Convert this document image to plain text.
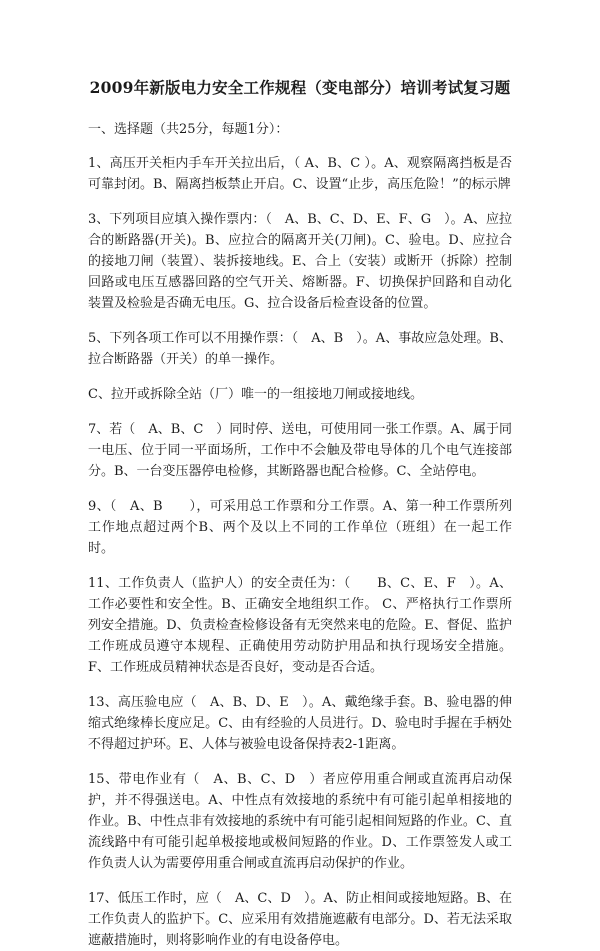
2009年新版电力安全工作规程（变电部分）培训考试复习题

一、选择题（共25分，每题1分）：

1、高压开关柜内手车开关拉出后，（ A、B、C ）。A、观察隔离挡板是否可靠封闭。B、隔离挡板禁止开启。C、设置“止步，高压危险！”的标示牌

3、下列项目应填入操作票内：（　A、B、C、D、E、F、G　）。A、应拉合的断路器(开关)。B、应拉合的隔离开关(刀闸)。C、验电。D、应拉合的接地刀闸（装置）、装拆接地线。E、合上（安装）或断开（拆除）控制回路或电压互感器回路的空气开关、熔断器。F、切换保护回路和自动化装置及检验是否确无电压。G、拉合设备后检查设备的位置。

5、下列各项工作可以不用操作票：（　A、B　）。A、事故应急处理。B、拉合断路器（开关）的单一操作。

C、拉开或拆除全站（厂）唯一的一组接地刀闸或接地线。

7、若（　A、B、C　）同时停、送电，可使用同一张工作票。A、属于同一电压、位于同一平面场所，工作中不会触及带电导体的几个电气连接部分。B、一台变压器停电检修，其断路器也配合检修。C、全站停电。

9、（　A、B　　），可采用总工作票和分工作票。A、第一种工作票所列工作地点超过两个B、两个及以上不同的工作单位（班组）在一起工作时。

11、工作负责人（监护人）的安全责任为：（　　B、C、E、F　）。A、工作必要性和安全性。B、正确安全地组织工作。 C、严格执行工作票所列安全措施。D、负责检查检修设备有无突然来电的危险。E、督促、监护工作班成员遵守本规程、正确使用劳动防护用品和执行现场安全措施。F、工作班成员精神状态是否良好，变动是否合适。

13、高压验电应（　A、B、D、E　）。A、戴绝缘手套。B、验电器的伸缩式绝缘棒长度应足。C、由有经验的人员进行。D、验电时手握在手柄处不得超过护环。E、人体与被验电设备保持表2-1距离。

15、带电作业有（　A、B、C、D　）者应停用重合闸或直流再启动保护，并不得强送电。A、中性点有效接地的系统中有可能引起单相接地的作业。B、中性点非有效接地的系统中有可能引起相间短路的作业。C、直流线路中有可能引起单极接地或极间短路的作业。D、工作票签发人或工作负责人认为需要停用重合闸或直流再启动保护的作业。

17、低压工作时，应（　A、C、D　）。A、防止相间或接地短路。B、在工作负责人的监护下。C、应采用有效措施遮蔽有电部分。D、若无法采取遮蔽措施时，则将影响作业的有电设备停电。
